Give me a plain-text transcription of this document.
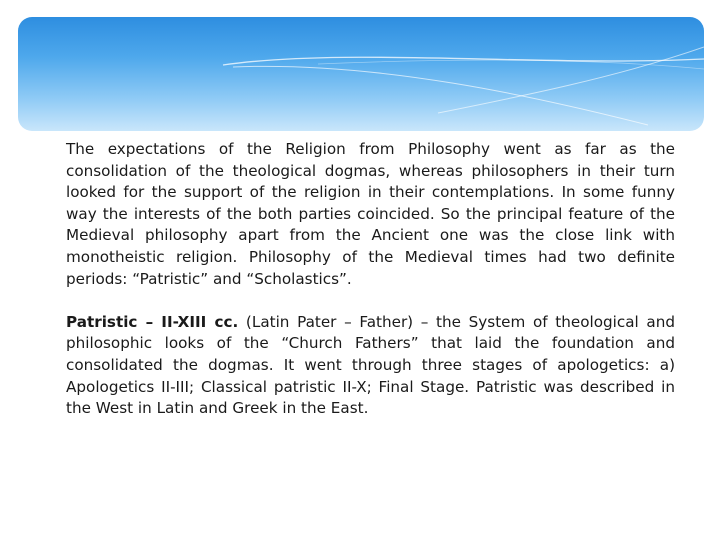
The expectations of the Religion from Philosophy went as far as the consolidation of the theological dogmas, whereas philosophers in their turn looked for the support of the religion in their contemplations. In some funny way the interests of the both parties coincided. So the principal feature of the Medieval philosophy apart from the Ancient one was the close link with monotheistic religion. Philosophy of the Medieval times had two definite periods: “Patristic” and “Scholastics”.

Patristic – II-XIII cc. (Latin Pater – Father) – the System of theological and philosophic looks of the “Church Fathers” that laid the foundation and consolidated the dogmas. It went through three stages of apologetics: a) Apologetics II-III; Classical patristic II-X; Final Stage. Patristic was described in the West in Latin and Greek in the East.
